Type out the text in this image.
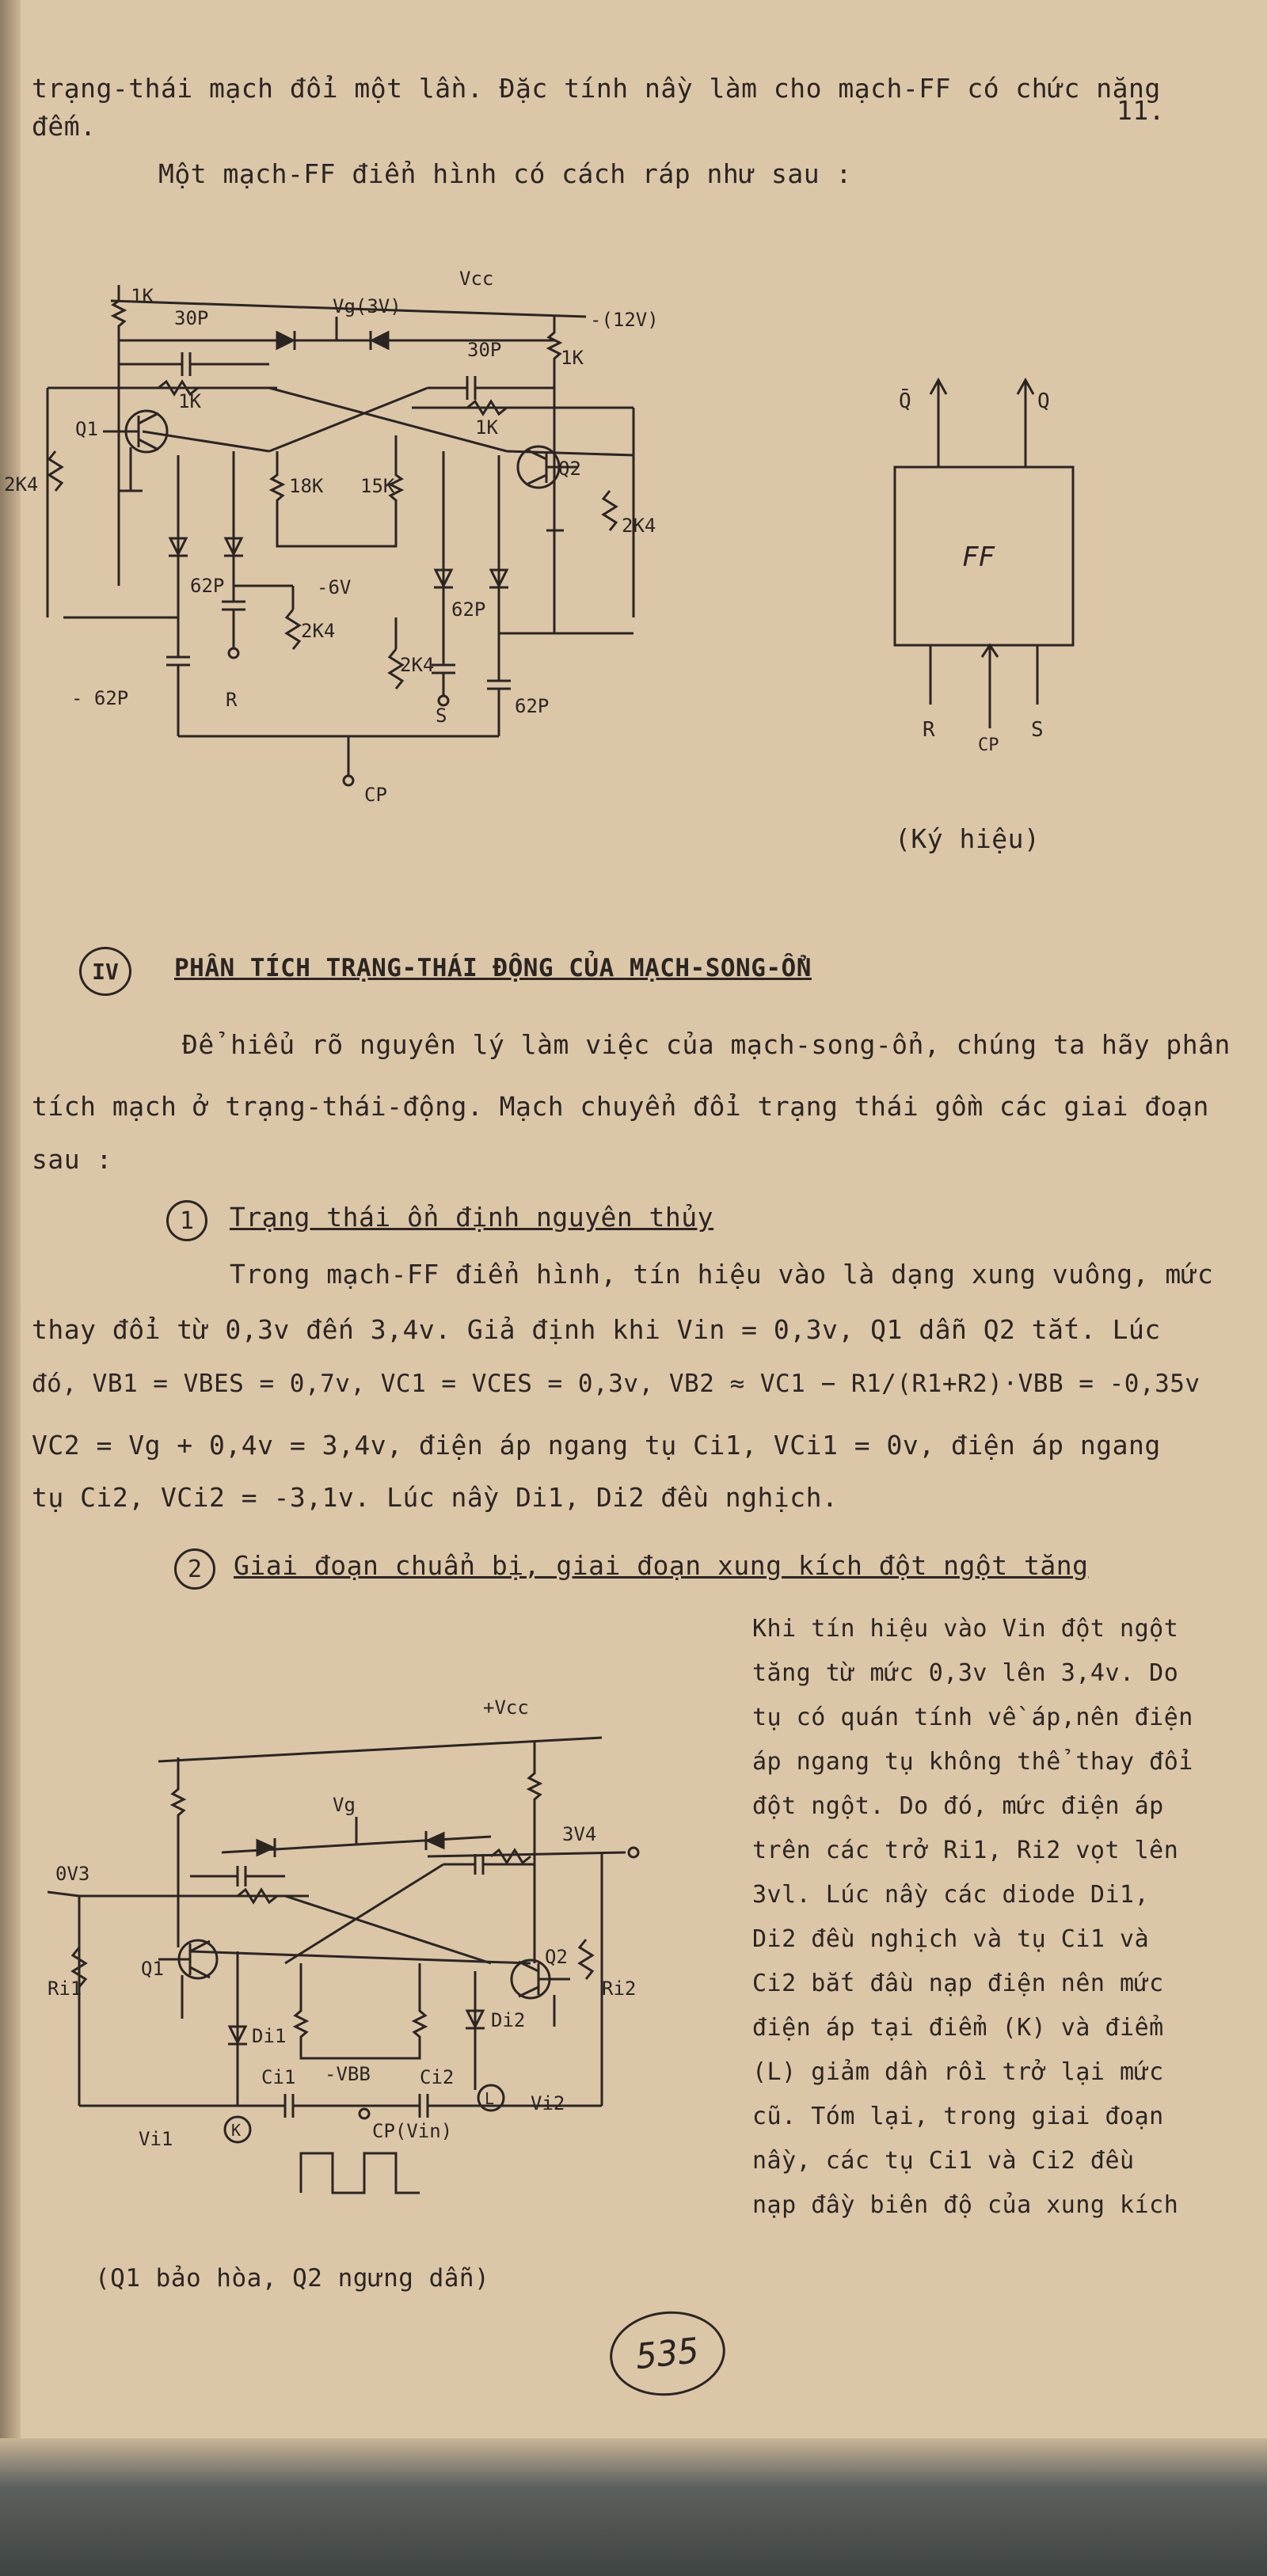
trạng-thái mạch đổi một lần. Đặc tính nầy làm cho mạch-FF có chức năng
11.
đếm.
Một mạch-FF điển hình có cách ráp như sau :
Vcc
-(12V)
Vg(3V)
1K
1K
1K
1K
30P
30P
Q1
Q2
2K4
2K4
18K 15K
62P
62P
- 62P	62P
-6V
2K4
2K4
R
S
CP
Q̄	Q
FF
R
CP
S
(Ký hiệu)
IV	PHÂN TÍCH TRẠNG-THÁI ĐỘNG CỦA MẠCH-SONG-ỔN
Để hiểu rõ nguyên lý làm việc của mạch-song-ổn, chúng ta hãy phân
tích mạch ở trạng-thái-động. Mạch chuyển đổi trạng thái gồm các giai đoạn
sau :
1	Trạng thái ổn định nguyên thủy
Trong mạch-FF điển hình, tín hiệu vào là dạng xung vuông, mức
thay đổi từ 0,3v đến 3,4v. Giả định khi Vin = 0,3v, Q1 dẫn Q2 tắt. Lúc
đó, VB1 = VBES = 0,7v, VC1 = VCES = 0,3v, VB2 ≈ VC1 − R1/(R1+R2)·VBB = -0,35v
VC2 = Vg + 0,4v = 3,4v, điện áp ngang tụ Ci1, VCi1 = 0v, điện áp ngang
tụ Ci2, VCi2 = -3,1v. Lúc nầy Di1, Di2 đều nghịch.
2	Giai đoạn chuẩn bị, giai đoạn xung kích đột ngột tăng
Khi tín hiệu vào Vin đột ngột
tăng từ mức 0,3v lên 3,4v. Do
tụ có quán tính về áp,nên điện
áp ngang tụ không thể thay đổi
đột ngột. Do đó, mức điện áp
trên các trở Ri1, Ri2 vọt lên
3vl. Lúc nầy các diode Di1,
Di2 đều nghịch và tụ Ci1 và
Ci2 bắt đầu nạp điện nên mức
điện áp tại điểm (K) và điểm
(L) giảm dần rồi trở lại mức
cũ. Tóm lại, trong giai đoạn
nầy, các tụ Ci1 và Ci2 đều
nạp đầy biên độ của xung kích
+Vcc
Vg
0V3
3V4
Ri1	Ri2
Q1
Q2
Di1
Di2
-VBB
Ci1	Ci2
K
L
Vi1
Vi2
CP(Vin)
(Q1 bảo hòa, Q2 ngưng dẫn)
535
